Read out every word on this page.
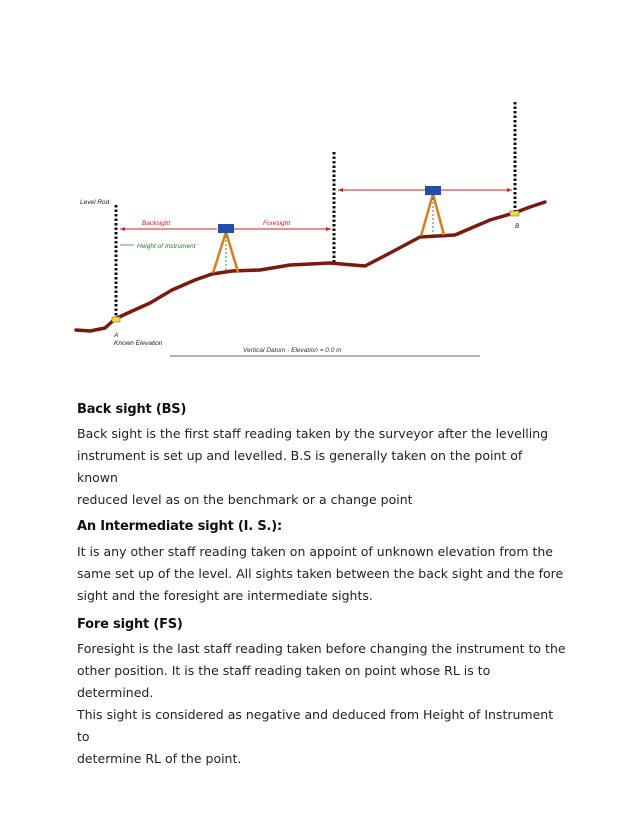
Vertical Datum - Elevation = 0.0 m
Level Rod
A
Known Elevation
B
Backsight	Foresight
Height of Instrument
Back sight (BS)

Back sight is the first staff reading taken by the surveyor after the levelling
instrument is set up and levelled. B.S is generally taken on the point of known
reduced level as on the benchmark or a change point

An Intermediate sight (I. S.):

It is any other staff reading taken on appoint of unknown elevation from the
same set up of the level. All sights taken between the back sight and the fore
sight and the foresight are intermediate sights.

Fore sight (FS)

Foresight is the last staff reading taken before changing the instrument to the
other position. It is the staff reading taken on point whose RL is to determined.
This sight is considered as negative and deduced from Height of Instrument to
determine RL of the point.
